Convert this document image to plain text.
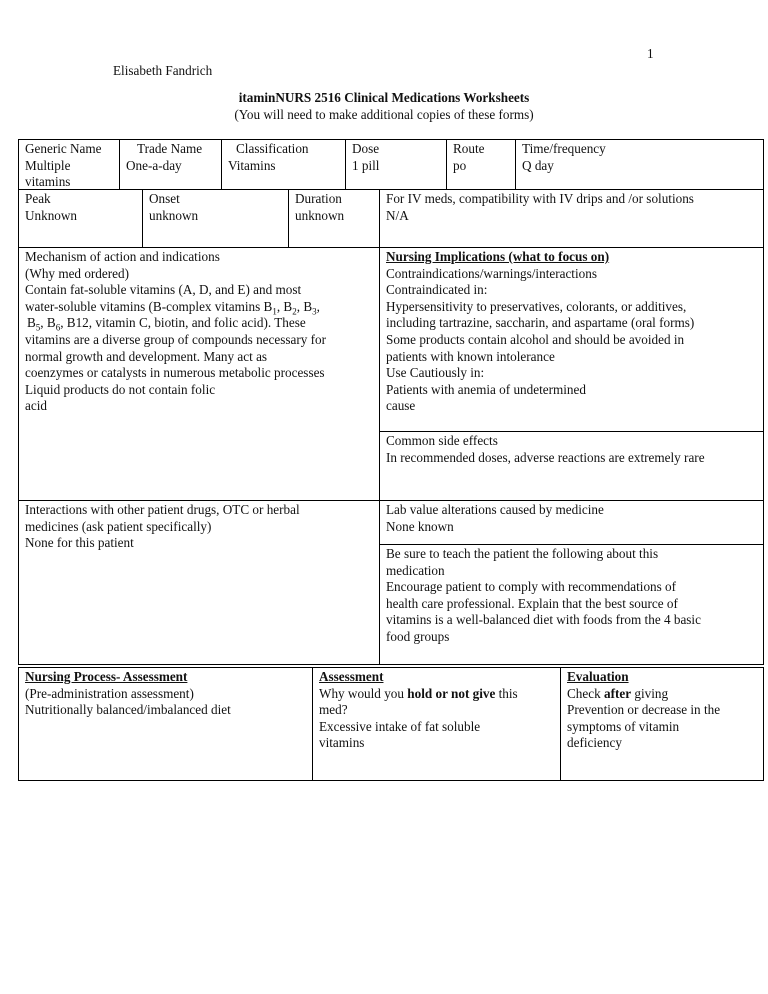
1
Elisabeth Fandrich
itaminNURS 2516 Clinical Medications Worksheets
(You will need to make additional copies of these forms)
Generic Name
Multiple
vitamins
Trade Name
One-a-day
Classification
Vitamins
Dose
1 pill
Route
po
Time/frequency
Q day
Peak
Unknown
Onset
unknown
Duration
unknown
For IV meds, compatibility with IV drips and /or solutions
N/A
Mechanism of action and indications
(Why med ordered)
Contain fat-soluble vitamins (A, D, and E) and most
water-soluble vitamins (B-complex vitamins $B_1$, $B_2$, $B_3$,
$B_5$, $B_6$, B12, vitamin C, biotin, and folic acid). These
vitamins are a diverse group of compounds necessary for
normal growth and development. Many act as
coenzymes or catalysts in numerous metabolic processes
Liquid products do not contain folic
acid
Nursing Implications (what to focus on)
Contraindications/warnings/interactions
Contraindicated in:
Hypersensitivity to preservatives, colorants, or additives,
including tartrazine, saccharin, and aspartame (oral forms)
Some products contain alcohol and should be avoided in
patients with known intolerance
Use Cautiously in:
Patients with anemia of undetermined
cause
Common side effects
In recommended doses, adverse reactions are extremely rare
Interactions with other patient drugs, OTC or herbal
medicines (ask patient specifically)
None for this patient
Lab value alterations caused by medicine
None known
Be sure to teach the patient the following about this
medication
Encourage patient to comply with recommendations of
health care professional. Explain that the best source of
vitamins is a well-balanced diet with foods from the 4 basic
food groups
Nursing Process- Assessment
(Pre-administration assessment)
Nutritionally balanced/imbalanced diet
Assessment
Why would you hold or not give this
med?
Excessive intake of fat soluble
vitamins
Evaluation
Check after giving
Prevention or decrease in the
symptoms of vitamin
deficiency
